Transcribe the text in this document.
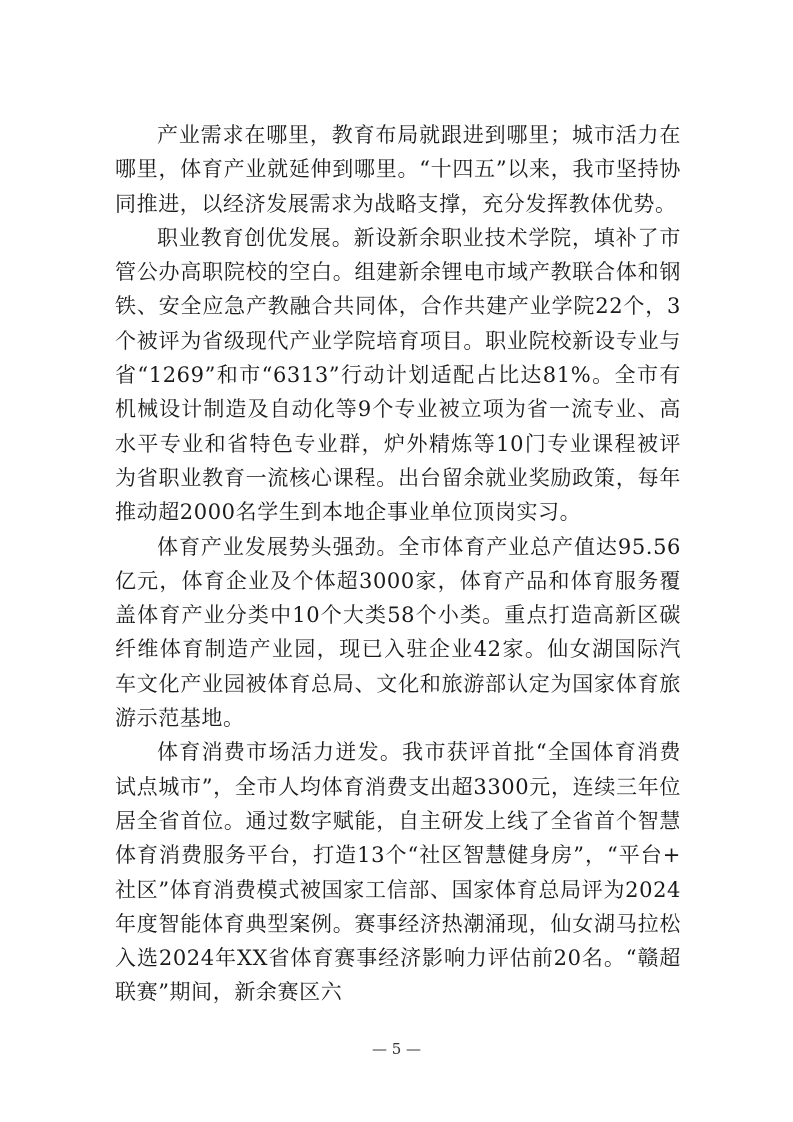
产业需求在哪里，教育布局就跟进到哪里；城市活力在哪里，体育产业就延伸到哪里。“十四五”以来，我市坚持协同推进，以经济发展需求为战略支撑，充分发挥教体优势。

职业教育创优发展。新设新余职业技术学院，填补了市管公办高职院校的空白。组建新余锂电市域产教联合体和钢铁、安全应急产教融合共同体，合作共建产业学院22个，3个被评为省级现代产业学院培育项目。职业院校新设专业与省“1269”和市“6313”行动计划适配占比达81%。全市有机械设计制造及自动化等9个专业被立项为省一流专业、高水平专业和省特色专业群，炉外精炼等10门专业课程被评为省职业教育一流核心课程。出台留余就业奖励政策，每年推动超2000名学生到本地企事业单位顶岗实习。

体育产业发展势头强劲。全市体育产业总产值达95.56亿元，体育企业及个体超3000家，体育产品和体育服务覆盖体育产业分类中10个大类58个小类。重点打造高新区碳纤维体育制造产业园，现已入驻企业42家。仙女湖国际汽车文化产业园被体育总局、文化和旅游部认定为国家体育旅游示范基地。

体育消费市场活力迸发。我市获评首批“全国体育消费试点城市”，全市人均体育消费支出超3300元，连续三年位居全省首位。通过数字赋能，自主研发上线了全省首个智慧体育消费服务平台，打造13个“社区智慧健身房”，“平台+社区”体育消费模式被国家工信部、国家体育总局评为2024年度智能体育典型案例。赛事经济热潮涌现，仙女湖马拉松入选2024年XX省体育赛事经济影响力评估前20名。“赣超联赛”期间，新余赛区六

— 5 —
